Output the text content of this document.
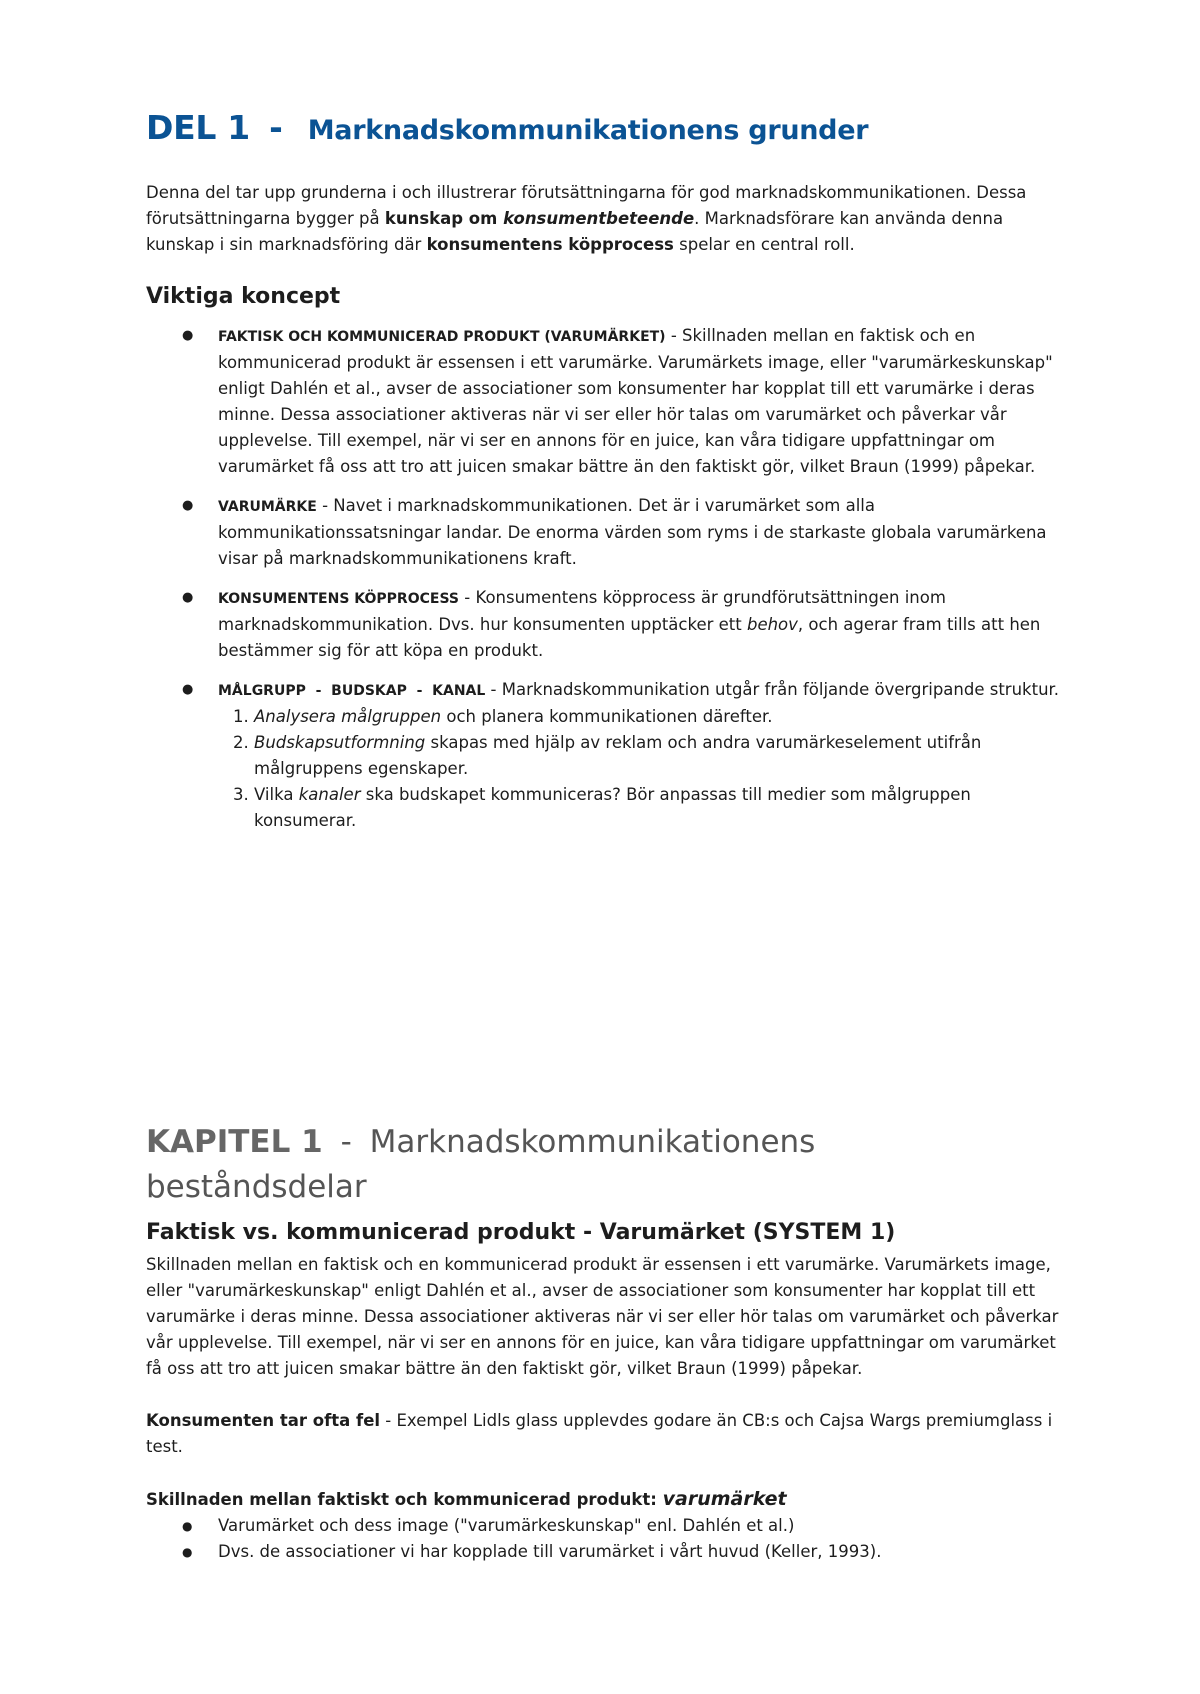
DEL 1 - Marknadskommunikationens grunder

Denna del tar upp grunderna i och illustrerar förutsättningarna för god marknadskommunikationen. Dessa förutsättningarna bygger på kunskap om konsumentbeteende. Marknadsförare kan använda denna kunskap i sin marknadsföring där konsumentens köpprocess spelar en central roll.

Viktiga koncept
● FAKTISK OCH KOMMUNICERAD PRODUKT (VARUMÄRKET) - Skillnaden mellan en faktisk och en kommunicerad produkt är essensen i ett varumärke. Varumärkets image, eller "varumärkeskunskap" enligt Dahlén et al., avser de associationer som konsumenter har kopplat till ett varumärke i deras minne. Dessa associationer aktiveras när vi ser eller hör talas om varumärket och påverkar vår upplevelse. Till exempel, när vi ser en annons för en juice, kan våra tidigare uppfattningar om varumärket få oss att tro att juicen smakar bättre än den faktiskt gör, vilket Braun (1999) påpekar.
● VARUMÄRKE - Navet i marknadskommunikationen. Det är i varumärket som alla kommunikationssatsningar landar. De enorma värden som ryms i de starkaste globala varumärkena visar på marknadskommunikationens kraft.
● KONSUMENTENS KÖPPROCESS - Konsumentens köpprocess är grundförutsättningen inom marknadskommunikation. Dvs. hur konsumenten upptäcker ett behov, och agerar fram tills att hen bestämmer sig för att köpa en produkt.
● MÅLGRUPP  -  BUDSKAP  -  KANAL - Marknadskommunikation utgår från följande övergripande struktur.
1. Analysera målgruppen och planera kommunikationen därefter.
2. Budskapsutformning skapas med hjälp av reklam och andra varumärkeselement utifrån målgruppens egenskaper.
3. Vilka kanaler ska budskapet kommuniceras? Bör anpassas till medier som målgruppen konsumerar.
KAPITEL 1 - Marknadskommunikationens
beståndsdelar
Faktisk vs. kommunicerad produkt - Varumärket (SYSTEM 1)

Skillnaden mellan en faktisk och en kommunicerad produkt är essensen i ett varumärke. Varumärkets image, eller "varumärkeskunskap" enligt Dahlén et al., avser de associationer som konsumenter har kopplat till ett varumärke i deras minne. Dessa associationer aktiveras när vi ser eller hör talas om varumärket och påverkar vår upplevelse. Till exempel, när vi ser en annons för en juice, kan våra tidigare uppfattningar om varumärket få oss att tro att juicen smakar bättre än den faktiskt gör, vilket Braun (1999) påpekar.

Konsumenten tar ofta fel - Exempel Lidls glass upplevdes godare än CB:s och Cajsa Wargs premiumglass i test.

Skillnaden mellan faktiskt och kommunicerad produkt: varumärket

● Varumärket och dess image ("varumärkeskunskap" enl. Dahlén et al.)
● Dvs. de associationer vi har kopplade till varumärket i vårt huvud (Keller, 1993).
